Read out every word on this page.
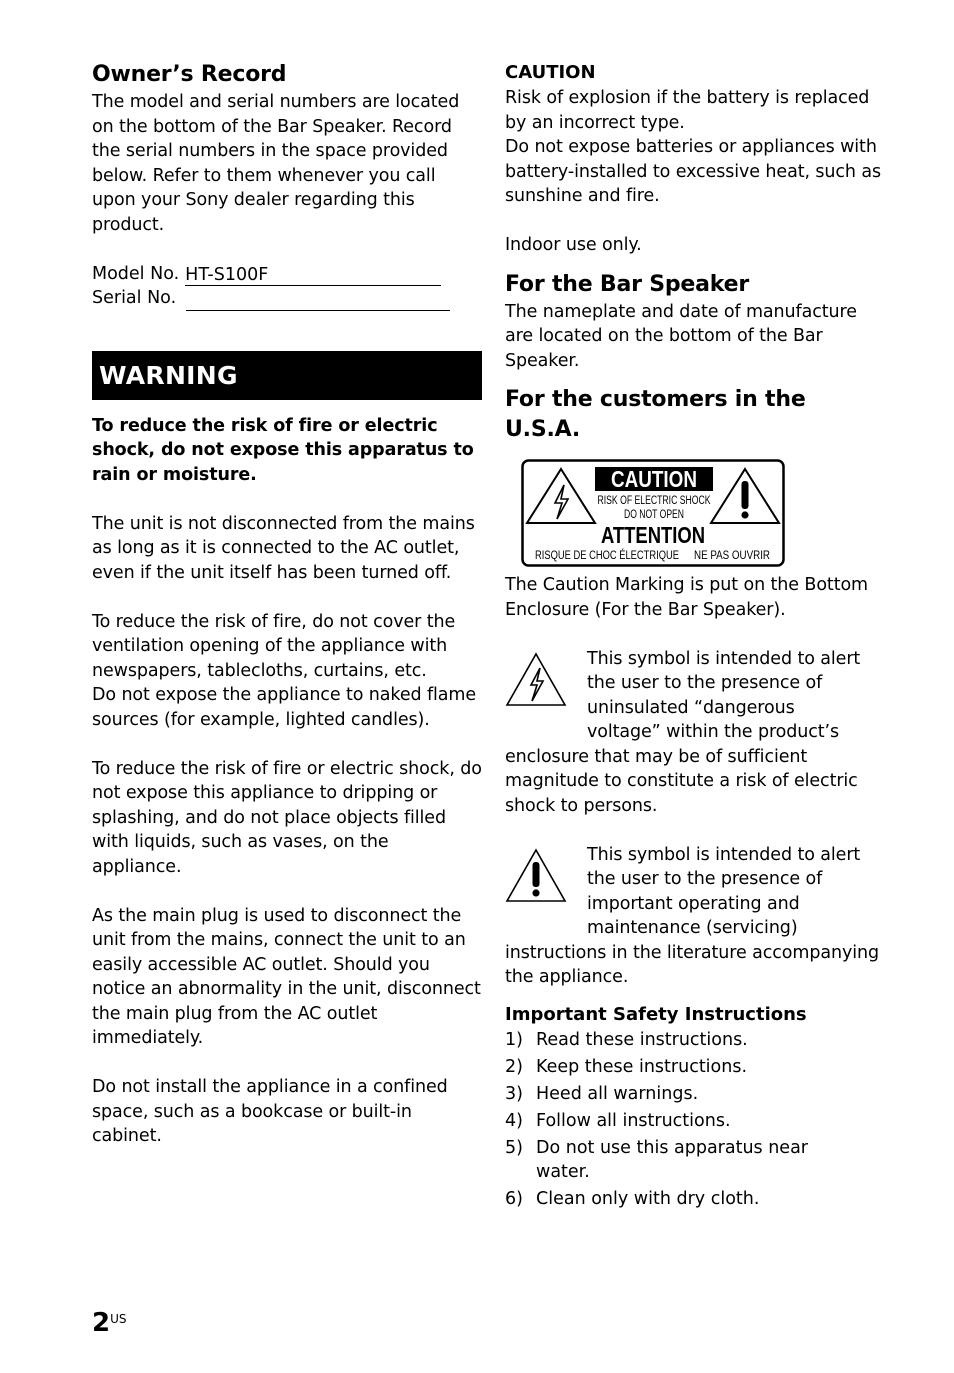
Owner’s Record

The model and serial numbers are located on the bottom of the Bar Speaker. Record the serial numbers in the space provided below. Refer to them whenever you call upon your Sony dealer regarding this product.

Model No. HT-S100F
Serial No.
WARNING

To reduce the risk of fire or electric shock, do not expose this apparatus to rain or moisture.

The unit is not disconnected from the mains as long as it is connected to the AC outlet, even if the unit itself has been turned off.

To reduce the risk of fire, do not cover the ventilation opening of the appliance with newspapers, tablecloths, curtains, etc.

Do not expose the appliance to naked flame sources (for example, lighted candles).

To reduce the risk of fire or electric shock, do not expose this appliance to dripping or splashing, and do not place objects filled with liquids, such as vases, on the appliance.

As the main plug is used to disconnect the unit from the mains, connect the unit to an easily accessible AC outlet. Should you notice an abnormality in the unit, disconnect the main plug from the AC outlet immediately.

Do not install the appliance in a confined space, such as a bookcase or built-in cabinet.

CAUTION

Risk of explosion if the battery is replaced by an incorrect type.

Do not expose batteries or appliances with battery-installed to excessive heat, such as sunshine and fire.

Indoor use only.

For the Bar Speaker

The nameplate and date of manufacture are located on the bottom of the Bar Speaker.

For the customers in the U.S.A.
CAUTION
RISK OF ELECTRIC SHOCK
DO NOT OPEN
ATTENTION
RISQUE DE CHOC ÉLECTRIQUE
NE PAS OUVRIR

The Caution Marking is put on the Bottom Enclosure (For the Bar Speaker).

This symbol is intended to alert

the user to the presence of

uninsulated “dangerous

voltage” within the product’s

enclosure that may be of sufficient magnitude to constitute a risk of electric shock to persons.

This symbol is intended to alert

the user to the presence of

important operating and

maintenance (servicing)

instructions in the literature accompanying the appliance.

Important Safety Instructions
1) Read these instructions.
2) Keep these instructions.
3) Heed all warnings.
4) Follow all instructions.
5) Do not use this apparatus near water.
6) Clean only with dry cloth.
$2^{US}$
